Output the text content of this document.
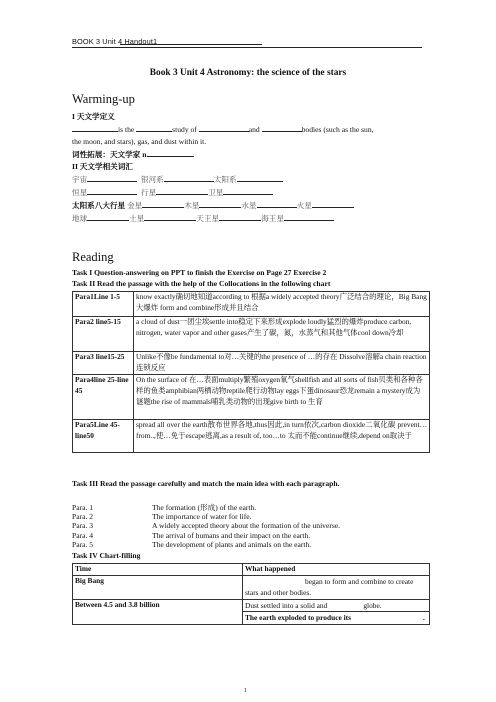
BOOK 3 Unit 4 Handout1
Book 3 Unit 4 Astronomy: the science of the stars
Warming-up
I 天文学定义
is the	study of	and	bodies (such as the sun,
the moon, and stars), gas, and dust within it.
词性拓展：天文学家 n.
II 天文学相关词汇
宇宙	银河系	太阳系
恒星	行星	卫星
太阳系八大行星 金星	木星	水星	火星
地球	土星	天王星	海王星
Reading
Task I Question-answering on PPT to finish the Exercise on Page 27 Exercise 2
Task II Read the passage with the help of the Collocations in the following chart
Para1Line 1-5	know exactly确切地知道according to 根据a widely accepted theory广泛结合的理论，Big Bang大爆炸 form and combine形成并且结合
Para2 line5-15	a cloud of dust一团尘埃settle into稳定下来形成explode loudly猛烈的爆炸produce carbon, nitrogen, water vapor and other gases产生了碳，氮，水蒸气和其他气体cool down冷却
Para3 line15-25	Unlike不像be fundamental to对…关键的the presence of …的存在 Dissolve溶解a chain reaction连锁反应
Para4line 25-line 45	On the surface of 在…表面multiply繁殖oxygen氧气shellfish and all sorts of fish贝类和各种各样的鱼类amphibian两栖动物reptile爬行动物lay eggs下蛋dinosaur恐龙remain a mystery成为谜题the rise of mammals哺乳类动物的出现give birth to 生育
Para5Line 45-line50	spread all over the earth散布世界各地,thus因此,in turn依次,carbon dioxide二氧化碳 prevent…from..,使…免于escape逃离,as a result of, too…to 太而不能continue继续,depend on取决于
Task III Read the passage carefully and match the main idea with each paragraph.
Para. 1	The formation (形成) of the earth.
Para. 2	The importance of water for life.
Para. 3	A widely accepted theory about the formation of the universe.
Para. 4	The arrival of humans and their impact on the earth.
Para. 5	The development of plants and animals on the earth.
Task IV Chart-filling
Time	What happened
Big Bang	began to form and combine to create stars and other bodies.
Between 4.5 and 3.8 billion	Dust settled into a solid and globe.
	The earth exploded to produce its .
1
